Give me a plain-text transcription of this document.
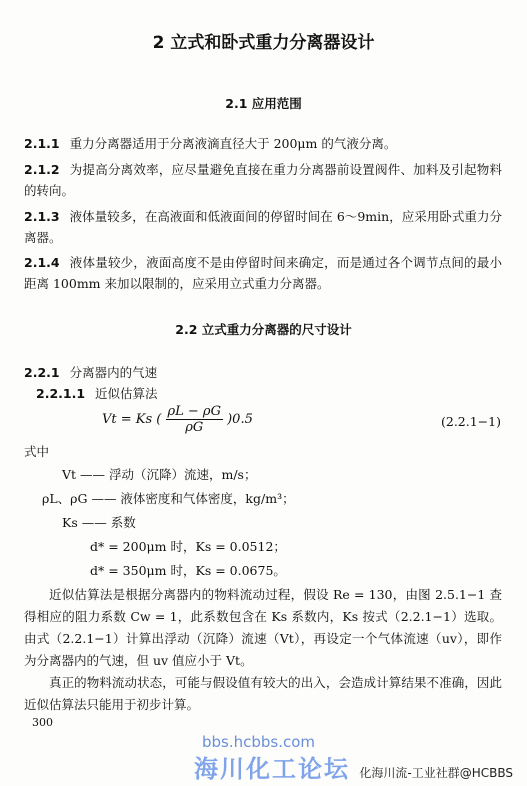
2 立式和卧式重力分离器设计
2.1 应用范围
2.1.1 重力分离器适用于分离液滴直径大于 200μm 的气液分离。
2.1.2 为提高分离效率，应尽量避免直接在重力分离器前设置阀件、加料及引起物料的转向。
2.1.3 液体量较多，在高液面和低液面间的停留时间在 6～9min，应采用卧式重力分离器。
2.1.4 液体量较少，液面高度不是由停留时间来确定，而是通过各个调节点间的最小距离 100mm 来加以限制的，应采用立式重力分离器。
2.2 立式重力分离器的尺寸设计
2.2.1 分离器内的气速
2.2.1.1 近似估算法
Vt = Ks ( $\frac{\rho L - \rho G}{\rho G} )0.5$	(2.2.1−1)
式中
Vt —— 浮动（沉降）流速，m/s；
ρL、ρG —— 液体密度和气体密度，kg/m³；
Ks —— 系数
d* = 200μm 时，Ks = 0.0512；
d* = 350μm 时，Ks = 0.0675。
近似估算法是根据分离器内的物料流动过程，假设 Re = 130，由图 2.5.1−1 查得相应的阻力系数 Cw = 1，此系数包含在 Ks 系数内，Ks 按式（2.2.1−1）选取。由式（2.2.1−1）计算出浮动（沉降）流速（Vt），再设定一个气体流速（uv），即作为分离器内的气速，但 uv 值应小于 Vt。
真正的物料流动状态，可能与假设值有较大的出入，会造成计算结果不准确，因此近似估算法只能用于初步计算。
300
bbs.hcbbs.com
海川化工论坛 化海川流-工业社群@HCBBS
